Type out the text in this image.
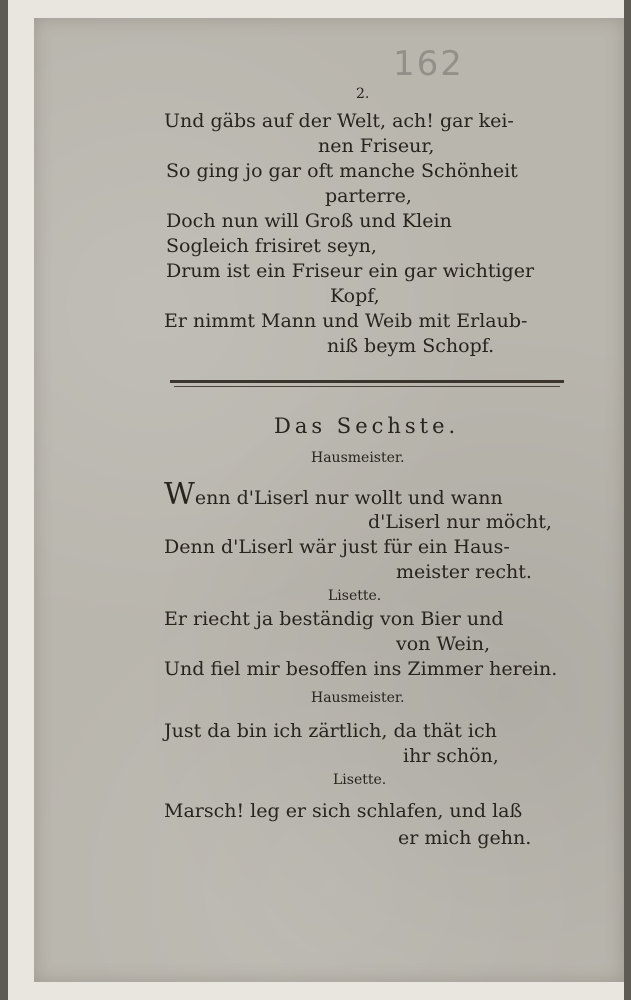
162

2.

Und gäbs auf der Welt, ach! gar kei-

nen Friseur,

So ging jo gar oft manche Schönheit

parterre,

Doch nun will Groß und Klein

Sogleich frisiret seyn,

Drum ist ein Friseur ein gar wichtiger

Kopf,

Er nimmt Mann und Weib mit Erlaub-

niß beym Schopf.

Das Sechste.

Hausmeister.

Wenn d'Liserl nur wollt und wann

d'Liserl nur möcht,

Denn d'Liserl wär just für ein Haus-

meister recht.

Lisette.

Er riecht ja beständig von Bier und

von Wein,

Und fiel mir besoffen ins Zimmer herein.

Hausmeister.

Just da bin ich zärtlich, da thät ich

ihr schön,

Lisette.

Marsch! leg er sich schlafen, und laß

er mich gehn.
